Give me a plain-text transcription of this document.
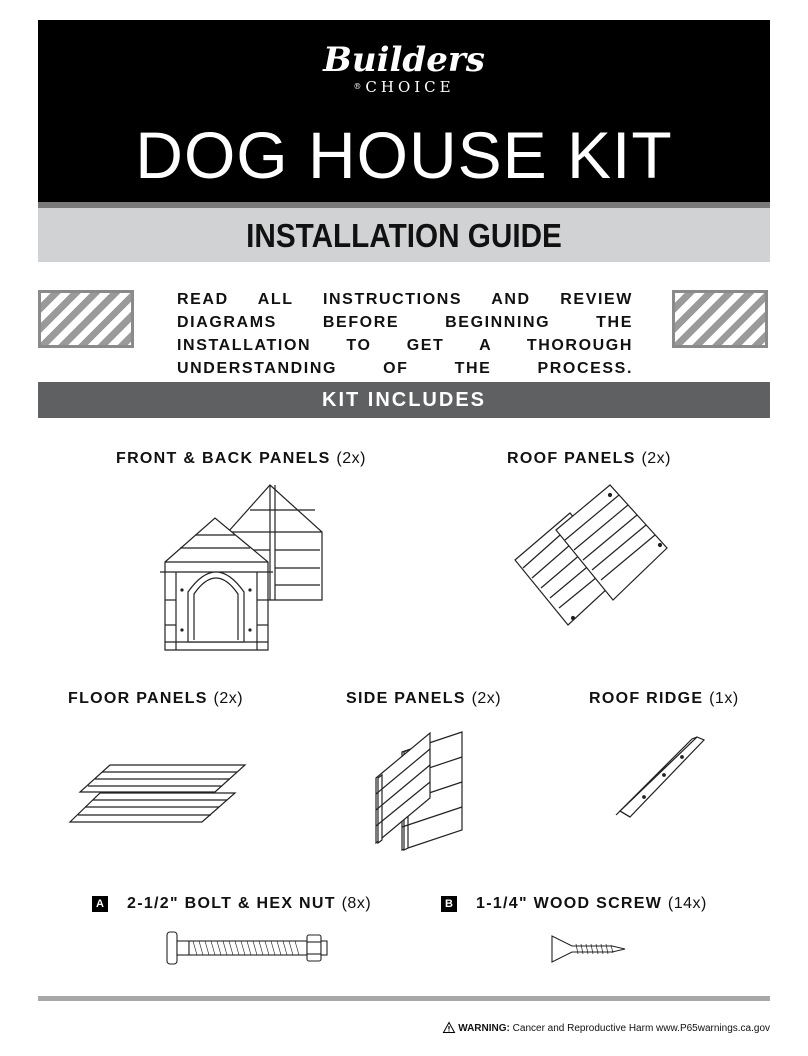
Builders
® CHOICE
DOG HOUSE KIT
INSTALLATION GUIDE
READ ALL INSTRUCTIONS AND REVIEW DIAGRAMS BEFORE BEGINNING THE INSTALLATION TO GET A THOROUGH UNDERSTANDING OF THE PROCESS.
KIT INCLUDES
FRONT & BACK PANELS (2x)	ROOF PANELS (2x)
FLOOR PANELS (2x)	SIDE PANELS (2x)	ROOF RIDGE (1x)
A 2-1/2" BOLT & HEX NUT (8x)	B 1-1/4" WOOD SCREW (14x)
WARNING: Cancer and Reproductive Harm www.P65warnings.ca.gov
